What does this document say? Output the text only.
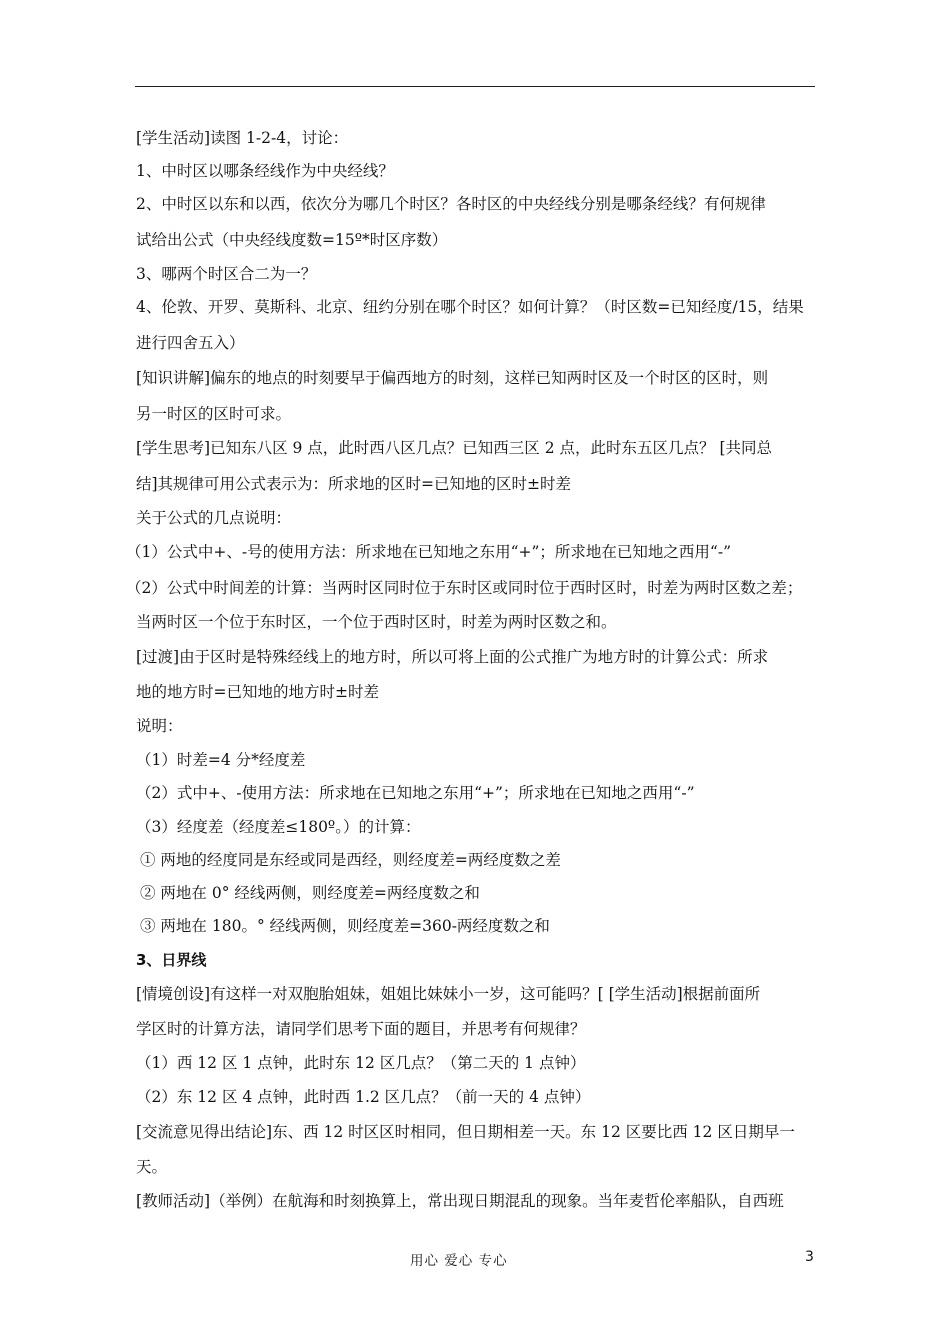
[学生活动]读图 1-2-4，讨论：
1、中时区以哪条经线作为中央经线？
2、中时区以东和以西，依次分为哪几个时区？各时区的中央经线分别是哪条经线？有何规律
试给出公式（中央经线度数=15º*时区序数）
3、哪两个时区合二为一？
4、伦敦、开罗、莫斯科、北京、纽约分别在哪个时区？如何计算？（时区数=已知经度/15，结果
进行四舍五入）
[知识讲解]偏东的地点的时刻要早于偏西地方的时刻，这样已知两时区及一个时区的区时，则
另一时区的区时可求。
[学生思考]已知东八区 9 点，此时西八区几点？已知西三区 2 点，此时东五区几点？ [共同总
结]其规律可用公式表示为：所求地的区时=已知地的区时±时差
关于公式的几点说明：
（1）公式中+、-号的使用方法：所求地在已知地之东用“+”；所求地在已知地之西用“-”
（2）公式中时间差的计算：当两时区同时位于东时区或同时位于西时区时，时差为两时区数之差；
当两时区一个位于东时区，一个位于西时区时，时差为两时区数之和。
[过渡]由于区时是特殊经线上的地方时，所以可将上面的公式推广为地方时的计算公式：所求
地的地方时=已知地的地方时±时差
说明：
（1）时差=4 分*经度差
（2）式中+、-使用方法：所求地在已知地之东用“+”；所求地在已知地之西用“-”
（3）经度差（经度差≤180º。）的计算：
① 两地的经度同是东经或同是西经，则经度差=两经度数之差
② 两地在 0° 经线两侧，则经度差=两经度数之和
③ 两地在 180。° 经线两侧，则经度差=360-两经度数之和
3、日界线
[情境创设]有这样一对双胞胎姐妹，姐姐比妹妹小一岁，这可能吗？[ [学生活动]根据前面所
学区时的计算方法，请同学们思考下面的题目，并思考有何规律？
（1）西 12 区 1 点钟，此时东 12 区几点？（第二天的 1 点钟）
（2）东 12 区 4 点钟，此时西 1.2 区几点？（前一天的 4 点钟）
[交流意见得出结论]东、西 12 时区区时相同，但日期相差一天。东 12 区要比西 12 区日期早一
天。
[教师活动]（举例）在航海和时刻换算上，常出现日期混乱的现象。当年麦哲伦率船队，自西班
用心 爱心 专心	3
